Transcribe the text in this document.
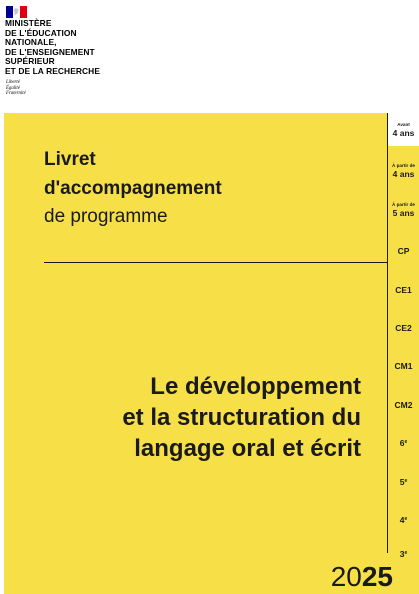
MINISTÈRE
DE L'ÉDUCATION
NATIONALE,
DE L'ENSEIGNEMENT
SUPÉRIEUR
ET DE LA RECHERCHE
Liberté
Égalité
Fraternité
Livret
d'accompagnement
de programme
Le développement
et la structuration du
langage oral et écrit
Avant
4 ans
À partir de
4 ans
À partir de
5 ans
CP
CE1
CE2
CM1
CM2
6e
5e
4e
3e
2025
